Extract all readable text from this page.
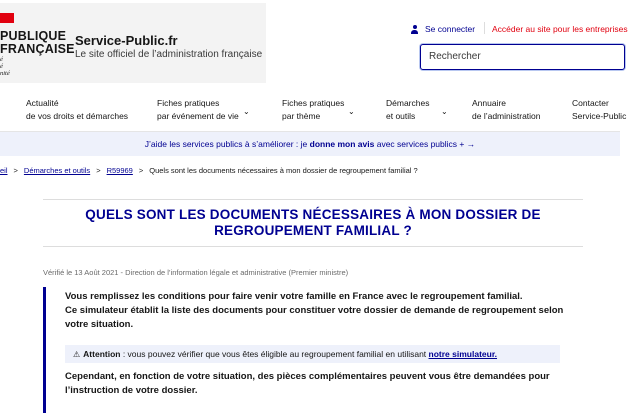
PUBLIQUE
FRANÇAISE
é
é
nité
Service-Public.fr
Le site officiel de l’administration française
Se connecter Accéder au site pour les entreprises
Rechercher
Actualité
de vos droits et démarches
Fiches pratiques
par événement de vie ⌄
Fiches pratiques
par thème	⌄
Démarches
et outils	⌄
Annuaire
de l’administration
Contacter
Service-Public
J’aide les services publics à s’améliorer : je donne mon avis avec services publics + →
eil > Démarches et outils > R59969 > Quels sont les documents nécessaires à mon dossier de regroupement familial ?
QUELS SONT LES DOCUMENTS NÉCESSAIRES À MON DOSSIER DE REGROUPEMENT FAMILIAL ?
Vérifié le 13 Août 2021 - Direction de l’information légale et administrative (Premier ministre)

Vous remplissez les conditions pour faire venir votre famille en France avec le regroupement familial.

Ce simulateur établit la liste des documents pour constituer votre dossier de demande de regroupement selon votre situation.

⚠ Attention : vous pouvez vérifier que vous êtes éligible au regroupement familial en utilisant notre simulateur.
Cependant, en fonction de votre situation, des pièces complémentaires peuvent vous être demandées pour l’instruction de votre dossier.
